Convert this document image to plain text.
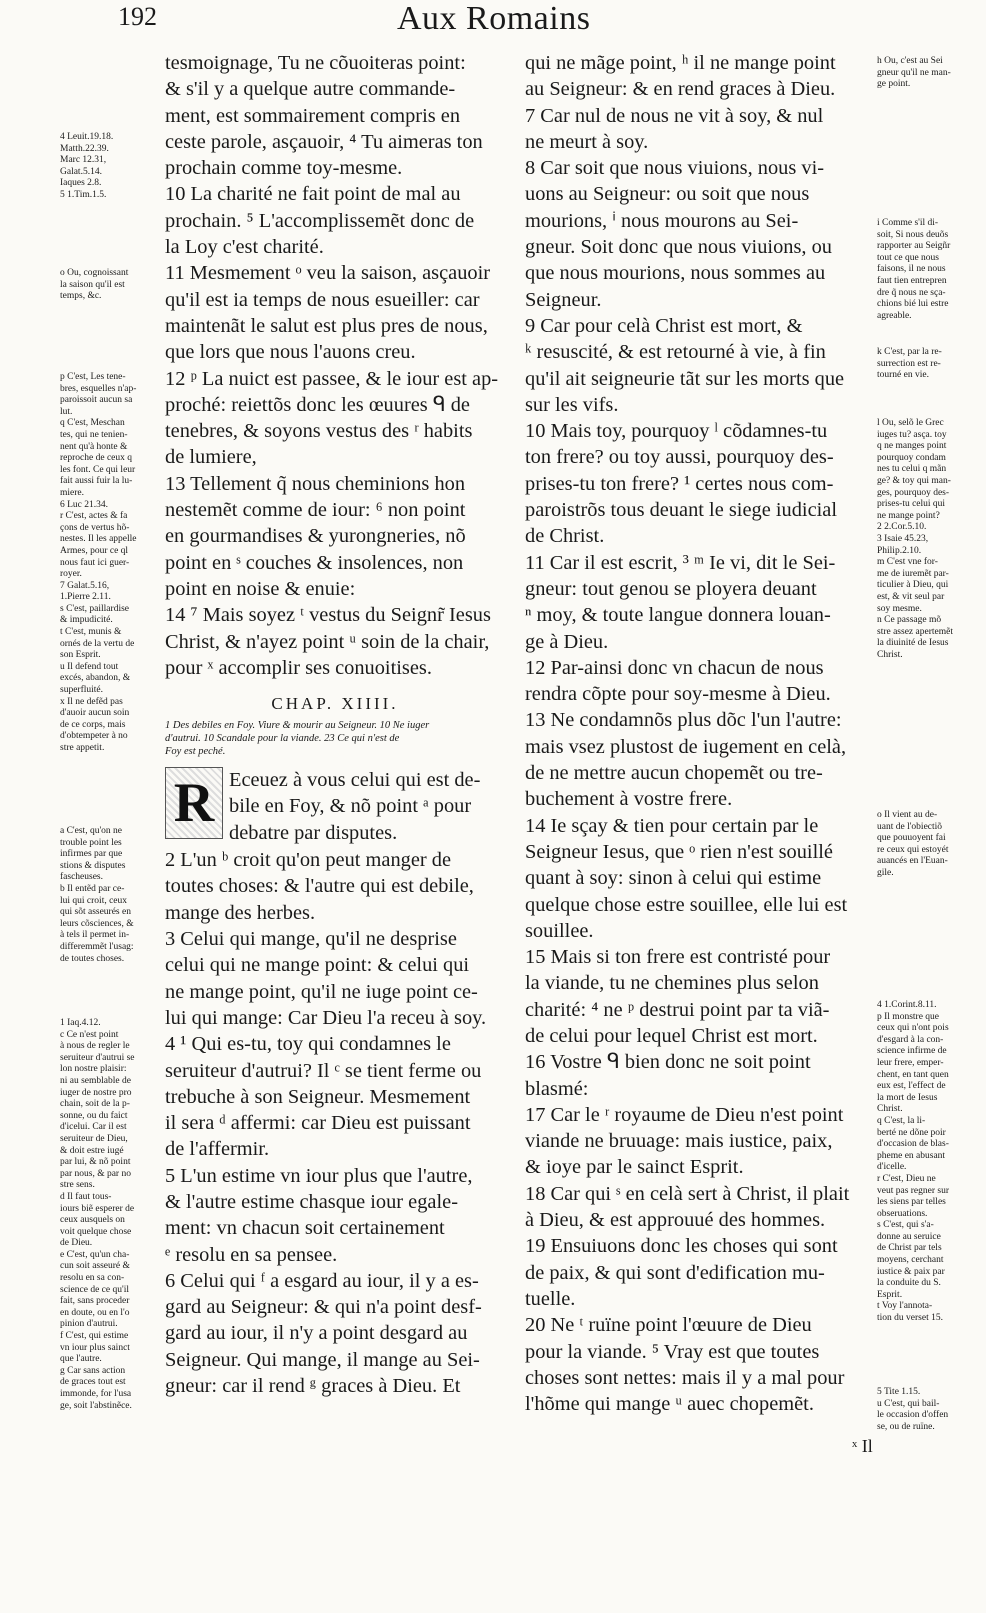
192	Aux Romains
tesmoignage, Tu ne cõuoiteras point:
& s'il y a quelque autre commande-
ment, est sommairement compris en
ceste parole, asçauoir, ⁴ Tu aimeras ton
prochain comme toy-mesme.
10 La charité ne fait point de mal au
prochain. ⁵ L'accomplissemẽt donc de
la Loy c'est charité.
11 Mesmement ᵒ veu la saison, asçauoir
qu'il est ia temps de nous esueiller: car
maintenãt le salut est plus pres de nous,
que lors que nous l'auons creu.
12 ᵖ La nuict est passee, & le iour est ap-
proché: reiettõs donc les œuures ᑫ de
tenebres, & soyons vestus des ʳ habits
de lumiere,
13 Tellement q̃ nous cheminions hon
nestemẽt comme de iour: ⁶ non point
en gourmandises & yurongneries, nõ
point en ˢ couches & insolences, non
point en noise & enuie:
14 ⁷ Mais soyez ᵗ vestus du Seignr̃ Iesus
Christ, & n'ayez point ᵘ soin de la chair,
pour ˣ accomplir ses conuoitises.
CHAP. XIIII.
1 Des debiles en Foy. Viure & mourir au Seigneur. 10 Ne iuger
d'autrui. 10 Scandale pour la viande. 23 Ce qui n'est de
Foy est peché.
R Eceuez à vous celui qui est de-
bile en Foy, & nõ point ᵃ pour
debatre par disputes.
2 L'un ᵇ croit qu'on peut manger de
toutes choses: & l'autre qui est debile,
mange des herbes.
3 Celui qui mange, qu'il ne desprise
celui qui ne mange point: & celui qui
ne mange point, qu'il ne iuge point ce-
lui qui mange: Car Dieu l'a receu à soy.
4 ¹ Qui es-tu, toy qui condamnes le
seruiteur d'autrui? Il ᶜ se tient ferme ou
trebuche à son Seigneur. Mesmement
il sera ᵈ affermi: car Dieu est puissant
de l'affermir.
5 L'un estime vn iour plus que l'autre,
& l'autre estime chasque iour egale-
ment: vn chacun soit certainement
ᵉ resolu en sa pensee.
6 Celui qui ᶠ a esgard au iour, il y a es-
gard au Seigneur: & qui n'a point desf-
gard au iour, il n'y a point desgard au
Seigneur. Qui mange, il mange au Sei-
gneur: car il rend ᵍ graces à Dieu. Et
qui ne mãge point, ʰ il ne mange point
au Seigneur: & en rend graces à Dieu.
7 Car nul de nous ne vit à soy, & nul
ne meurt à soy.
8 Car soit que nous viuions, nous vi-
uons au Seigneur: ou soit que nous
mourions, ⁱ nous mourons au Sei-
gneur. Soit donc que nous viuions, ou
que nous mourions, nous sommes au
Seigneur.
9 Car pour celà Christ est mort, &
ᵏ resuscité, & est retourné à vie, à fin
qu'il ait seigneurie tãt sur les morts que
sur les vifs.
10 Mais toy, pourquoy ˡ cõdamnes-tu
ton frere? ou toy aussi, pourquoy des-
prises-tu ton frere? ¹ certes nous com-
paroistrõs tous deuant le siege iudicial
de Christ.
11 Car il est escrit, ³ ᵐ Ie vi, dit le Sei-
gneur: tout genou se ployera deuant
ⁿ moy, & toute langue donnera louan-
ge à Dieu.
12 Par-ainsi donc vn chacun de nous
rendra cõpte pour soy-mesme à Dieu.
13 Ne condamnõs plus dõc l'un l'autre:
mais vsez plustost de iugement en celà,
de ne mettre aucun chopemẽt ou tre-
buchement à vostre frere.
14 Ie sçay & tien pour certain par le
Seigneur Iesus, que ᵒ rien n'est souillé
quant à soy: sinon à celui qui estime
quelque chose estre souillee, elle lui est
souillee.
15 Mais si ton frere est contristé pour
la viande, tu ne chemines plus selon
charité: ⁴ ne ᵖ destrui point par ta viã-
de celui pour lequel Christ est mort.
16 Vostre ᑫ bien donc ne soit point
blasmé:
17 Car le ʳ royaume de Dieu n'est point
viande ne bruuage: mais iustice, paix,
& ioye par le sainct Esprit.
18 Car qui ˢ en celà sert à Christ, il plait
à Dieu, & est approuué des hommes.
19 Ensuiuons donc les choses qui sont
de paix, & qui sont d'edification mu-
tuelle.
20 Ne ᵗ ruïne point l'œuure de Dieu
pour la viande. ⁵ Vray est que toutes
choses sont nettes: mais il y a mal pour
l'hõme qui mange ᵘ auec chopemẽt.
4 Leuit.19.18.
Matth.22.39.
Marc 12.31,
Galat.5.14.
Iaques 2.8.
5 1.Tim.1.5.
o Ou, cognoissant
la saison qu'il est
temps, &c.
p C'est, Les tene-
bres, esquelles n'ap-
paroissoit aucun sa
lut.
q C'est, Meschan
tes, qui ne tenien-
nent qu'à honte &
reproche de ceux q
les font. Ce qui leur
fait aussi fuir la lu-
miere.
6 Luc 21.34.
r C'est, actes & fa
çons de vertus hõ-
nestes. Il les appelle
Armes, pour ce ql
nous faut ici guer-
royer.
7 Galat.5.16,
1.Pierre 2.11.
s C'est, paillardise
& impudicité.
t C'est, munis &
ornés de la vertu de
son Esprit.
u Il defend tout
excés, abandon, &
superfluité.
x Il ne defẽd pas
d'auoir aucun soin
de ce corps, mais
d'obtempeter à no
stre appetit.
a C'est, qu'on ne
trouble point les
infirmes par que
stions & disputes
fascheuses.
b Il entẽd par ce-
lui qui croit, ceux
qui sõt asseurés en
leurs cõsciences, &
à tels il permet in-
differemmẽt l'usag:
de toutes choses.
1 Iaq.4.12.
c Ce n'est point
à nous de regler le
seruiteur d'autrui se
lon nostre plaisir:
ni au semblable de
iuger de nostre pro
chain, soit de la p-
sonne, ou du faict
d'icelui. Car il est
seruiteur de Dieu,
& doit estre iugé
par lui, & nõ point
par nous, & par no
stre sens.
d Il faut tous-
iours biẽ esperer de
ceux ausquels on
voit quelque chose
de Dieu.
e C'est, qu'un cha-
cun soit asseuré &
resolu en sa con-
science de ce qu'il
fait, sans proceder
en doute, ou en l'o
pinion d'autrui.
f C'est, qui estime
vn iour plus sainct
que l'autre.
g Car sans action
de graces tout est
immonde, for l'usa
ge, soit l'abstinẽce.
h Ou, c'est au Sei
gneur qu'il ne man-
ge point.
i Comme s'il di-
soit, Si nous deuõs
rapporter au Seigñr
tout ce que nous
faisons, il ne nous
faut tien entrepren
dre q̃ nous ne sça-
chions bié lui estre
agreable.
k C'est, par la re-
surrection est re-
tourné en vie.
l Ou, selõ le Grec
iuges tu? asça. toy
q ne manges point
pourquoy condam
nes tu celui q mãn
ge? & toy qui man-
ges, pourquoy des-
prises-tu celui qui
ne mange point?
2 2.Cor.5.10.
3 Isaie 45.23,
Philip.2.10.
m C'est vne for-
me de iuremẽt par-
ticulier à Dieu, qui
est, & vit seul par
soy mesme.
n Ce passage mõ
stre assez apertemẽt
la diuinité de Iesus
Christ.
o Il vient au de-
uant de l'obiectiõ
que pouuoyent fai
re ceux qui estoyét
auancés en l'Euan-
gile.
4 1.Corint.8.11.
p Il monstre que
ceux qui n'ont pois
d'esgard à la con-
science infirme de
leur frere, emper-
chent, en tant quen
eux est, l'effect de
la mort de Iesus
Christ.
q C'est, la li-
berté ne dõne poir
d'occasion de blas-
pheme en abusant
d'icelle.
r C'est, Dieu ne
veut pas regner sur
les siens par telles
obseruations.
s C'est, qui s'a-
donne au seruice
de Christ par tels
moyens, cerchant
iustice & paix par
la conduite du S.
Esprit.
t Voy l'annota-
tion du verset 15.
5 Tite 1.15.
u C'est, qui bail-
le occasion d'offen
se, ou de ruïne.
ˣ Il
